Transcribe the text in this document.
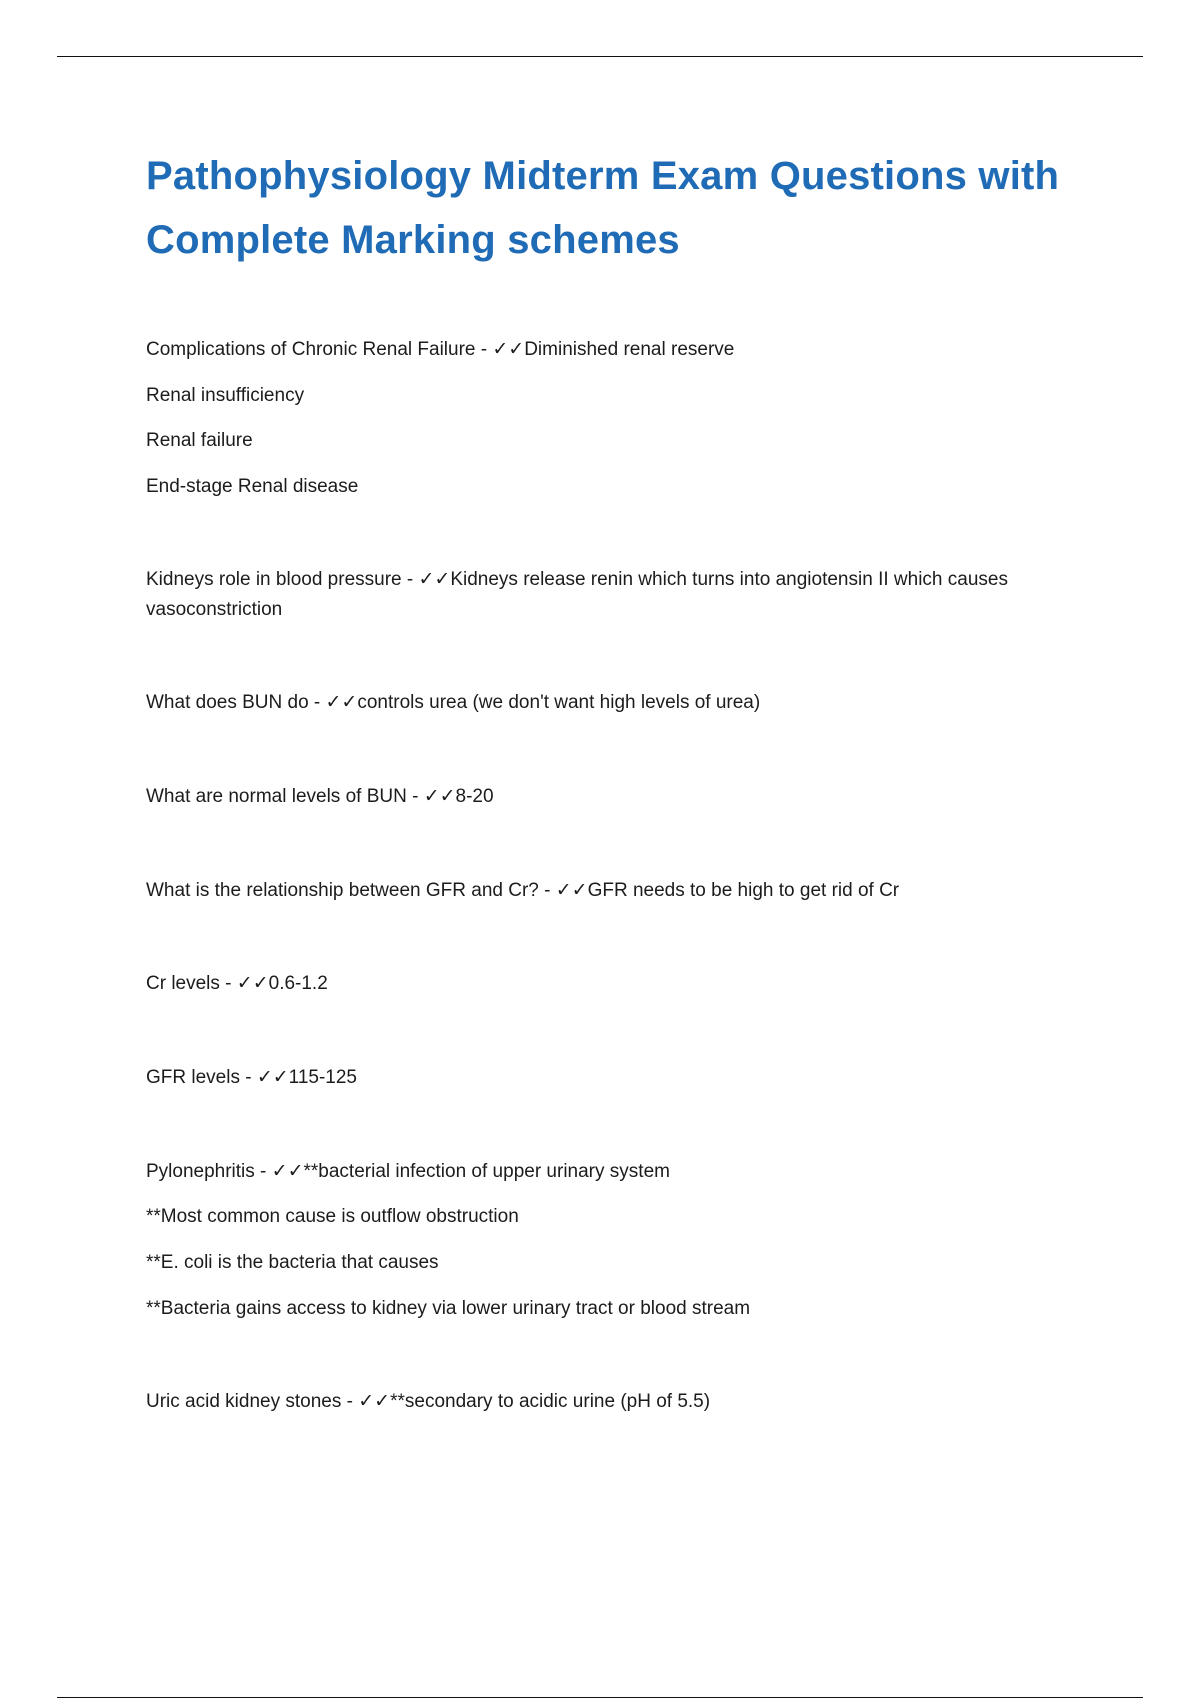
Pathophysiology Midterm Exam Questions with Complete Marking schemes
Complications of Chronic Renal Failure - ✓✓Diminished renal reserve
Renal insufficiency
Renal failure
End-stage Renal disease
Kidneys role in blood pressure - ✓✓Kidneys release renin which turns into angiotensin II which causes vasoconstriction
What does BUN do - ✓✓controls urea (we don't want high levels of urea)
What are normal levels of BUN - ✓✓8-20
What is the relationship between GFR and Cr? - ✓✓GFR needs to be high to get rid of Cr
Cr levels - ✓✓0.6-1.2
GFR levels - ✓✓115-125
Pylonephritis - ✓✓**bacterial infection of upper urinary system
**Most common cause is outflow obstruction
**E. coli is the bacteria that causes
**Bacteria gains access to kidney via lower urinary tract or blood stream
Uric acid kidney stones - ✓✓**secondary to acidic urine (pH of 5.5)
